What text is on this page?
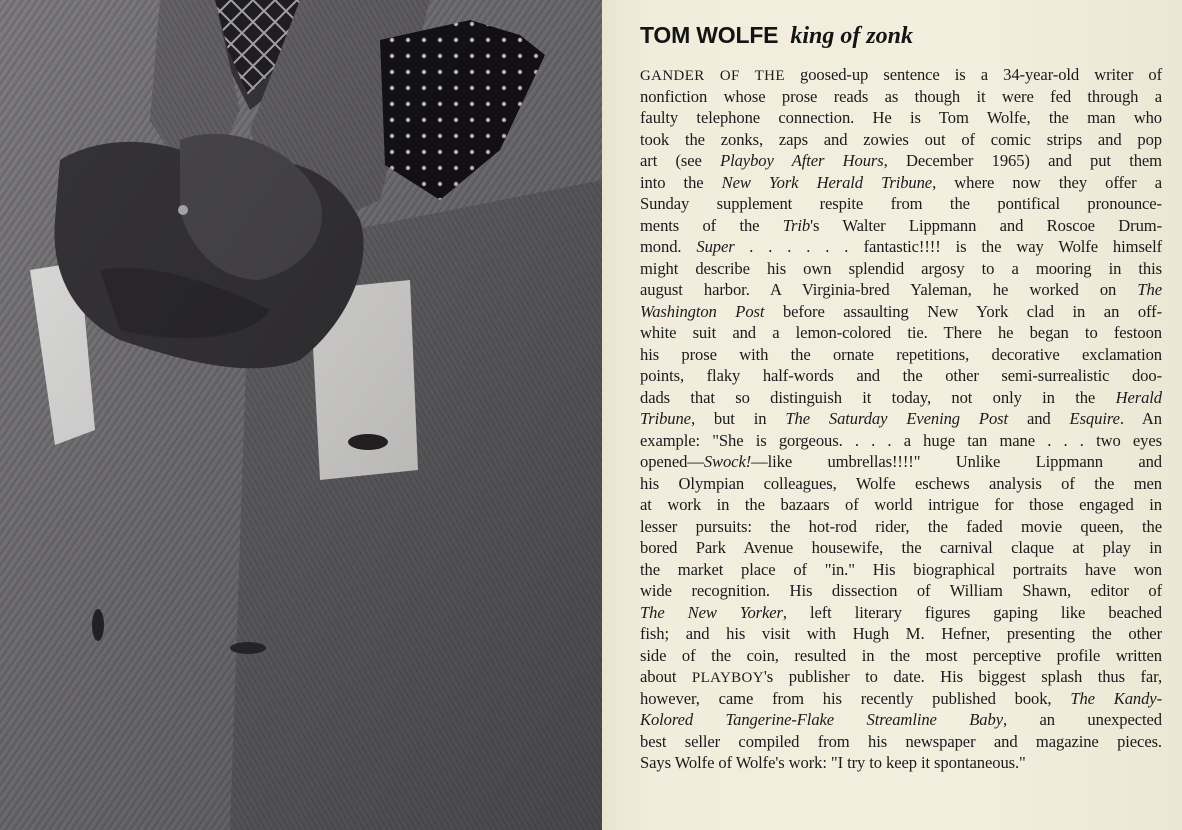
TOM WOLFE king of zonk
GANDER OF THE goosed-up sentence is a 34-year-old writer of
nonfiction whose prose reads as though it were fed through a
faulty telephone connection. He is Tom Wolfe, the man who
took the zonks, zaps and zowies out of comic strips and pop
art (see Playboy After Hours, December 1965) and put them
into the New York Herald Tribune, where now they offer a
Sunday supplement respite from the pontifical pronounce-
ments of the Trib's Walter Lippmann and Roscoe Drum-
mond. Super . . . . . . fantastic!!!! is the way Wolfe himself
might describe his own splendid argosy to a mooring in this
august harbor. A Virginia-bred Yaleman, he worked on The
Washington Post before assaulting New York clad in an off-
white suit and a lemon-colored tie. There he began to festoon
his prose with the ornate repetitions, decorative exclamation
points, flaky half-words and the other semi-surrealistic doo-
dads that so distinguish it today, not only in the Herald
Tribune, but in The Saturday Evening Post and Esquire. An
example: "She is gorgeous. . . . a huge tan mane . . . two eyes
opened—Swock!—like umbrellas!!!!" Unlike Lippmann and
his Olympian colleagues, Wolfe eschews analysis of the men
at work in the bazaars of world intrigue for those engaged in
lesser pursuits: the hot-rod rider, the faded movie queen, the
bored Park Avenue housewife, the carnival claque at play in
the market place of "in." His biographical portraits have won
wide recognition. His dissection of William Shawn, editor of
The New Yorker, left literary figures gaping like beached
fish; and his visit with Hugh M. Hefner, presenting the other
side of the coin, resulted in the most perceptive profile written
about PLAYBOY's publisher to date. His biggest splash thus far,
however, came from his recently published book, The Kandy-
Kolored Tangerine-Flake Streamline Baby, an unexpected
best seller compiled from his newspaper and magazine pieces.
Says Wolfe of Wolfe's work: "I try to keep it spontaneous."
